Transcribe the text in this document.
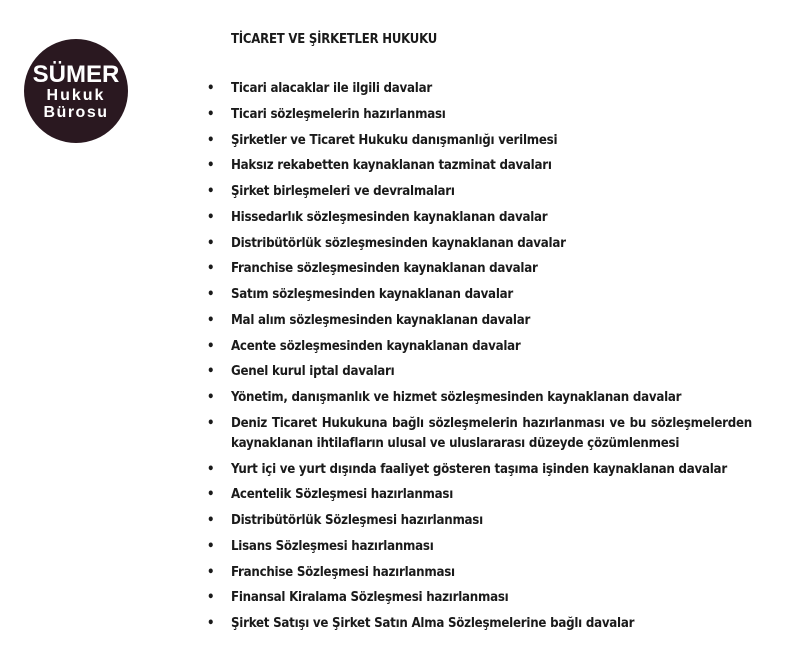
SÜMER
Hukuk
Bürosu
TİCARET VE ŞİRKETLER HUKUKU
• Ticari alacaklar ile ilgili davalar
• Ticari sözleşmelerin hazırlanması
• Şirketler ve Ticaret Hukuku danışmanlığı verilmesi
• Haksız rekabetten kaynaklanan tazminat davaları
• Şirket birleşmeleri ve devralmaları
• Hissedarlık sözleşmesinden kaynaklanan davalar
• Distribütörlük sözleşmesinden kaynaklanan davalar
• Franchise sözleşmesinden kaynaklanan davalar
• Satım sözleşmesinden kaynaklanan davalar
• Mal alım sözleşmesinden kaynaklanan davalar
• Acente sözleşmesinden kaynaklanan davalar
• Genel kurul iptal davaları
• Yönetim, danışmanlık ve hizmet sözleşmesinden kaynaklanan davalar
• Deniz Ticaret Hukukuna bağlı sözleşmelerin hazırlanması ve bu sözleşmelerden kaynaklanan ihtilafların ulusal ve uluslararası düzeyde çözümlenmesi
• Yurt içi ve yurt dışında faaliyet gösteren taşıma işinden kaynaklanan davalar
• Acentelik Sözleşmesi hazırlanması
• Distribütörlük Sözleşmesi hazırlanması
• Lisans Sözleşmesi hazırlanması
• Franchise Sözleşmesi hazırlanması
• Finansal Kiralama Sözleşmesi hazırlanması
• Şirket Satışı ve Şirket Satın Alma Sözleşmelerine bağlı davalar
